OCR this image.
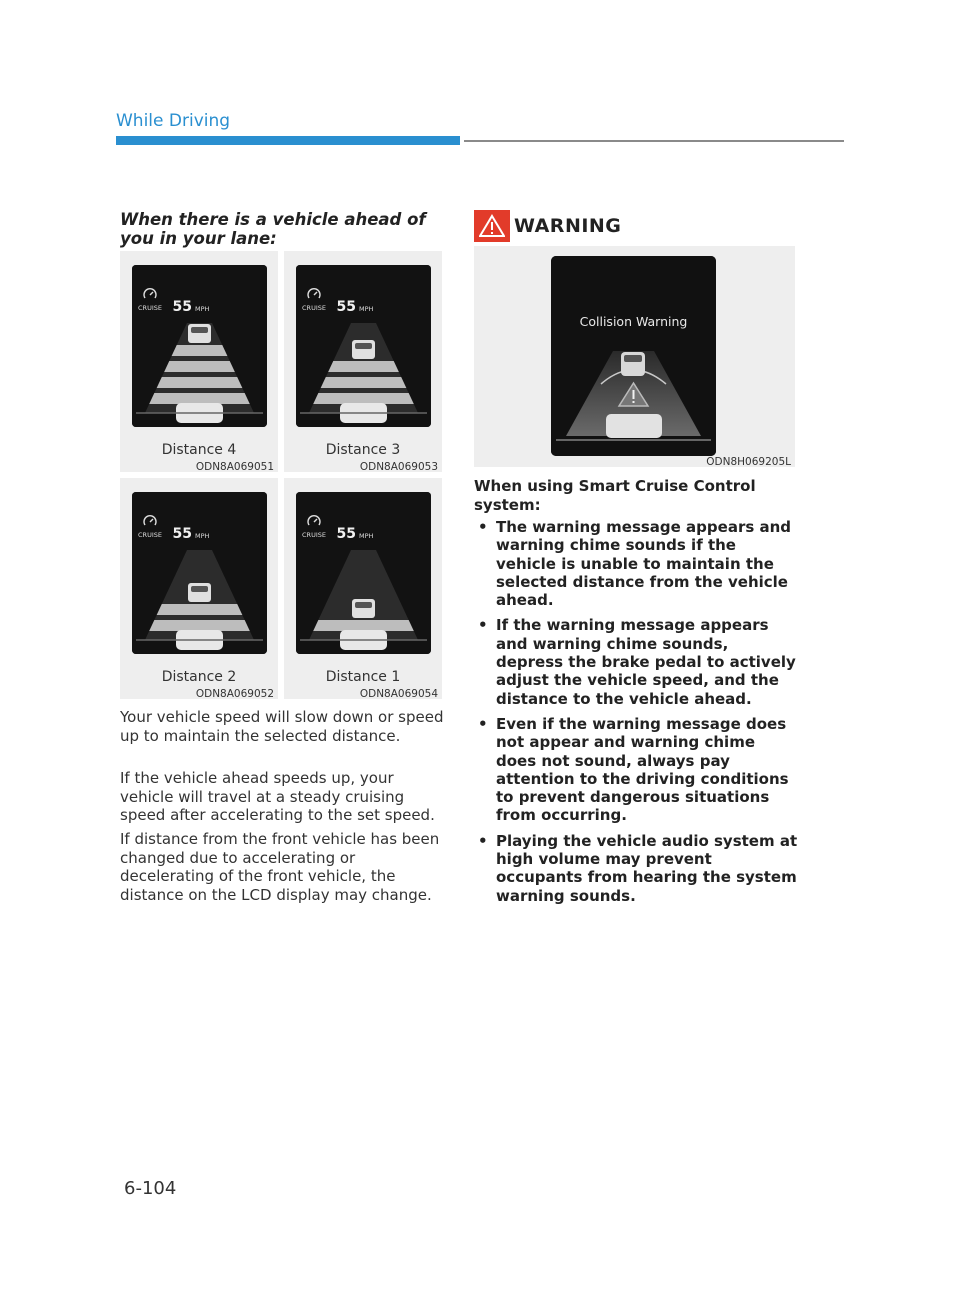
While Driving
When there is a vehicle ahead of you in your lane:
CRUISE 55 MPH
Distance 4
ODN8A069051
CRUISE 55 MPH
Distance 3
ODN8A069053
CRUISE 55 MPH
Distance 2
ODN8A069052
CRUISE 55 MPH
Distance 1
ODN8A069054
Your vehicle speed will slow down or speed up to maintain the selected distance.
If the vehicle ahead speeds up, your vehicle will travel at a steady cruising speed after accelerating to the set speed.
If distance from the front vehicle has been changed due to accelerating or decelerating of the front vehicle, the distance on the LCD display may change.
WARNING
Collision Warning
ODN8H069205L
When using Smart Cruise Control system:
• The warning message appears and warning chime sounds if the vehicle is unable to maintain the selected distance from the vehicle ahead.
• If the warning message appears and warning chime sounds, depress the brake pedal to actively adjust the vehicle speed, and the distance to the vehicle ahead.
• Even if the warning message does not appear and warning chime does not sound, always pay attention to the driving conditions to prevent dangerous situations from occurring.
• Playing the vehicle audio system at high volume may prevent occupants from hearing the system warning sounds.
6-104
